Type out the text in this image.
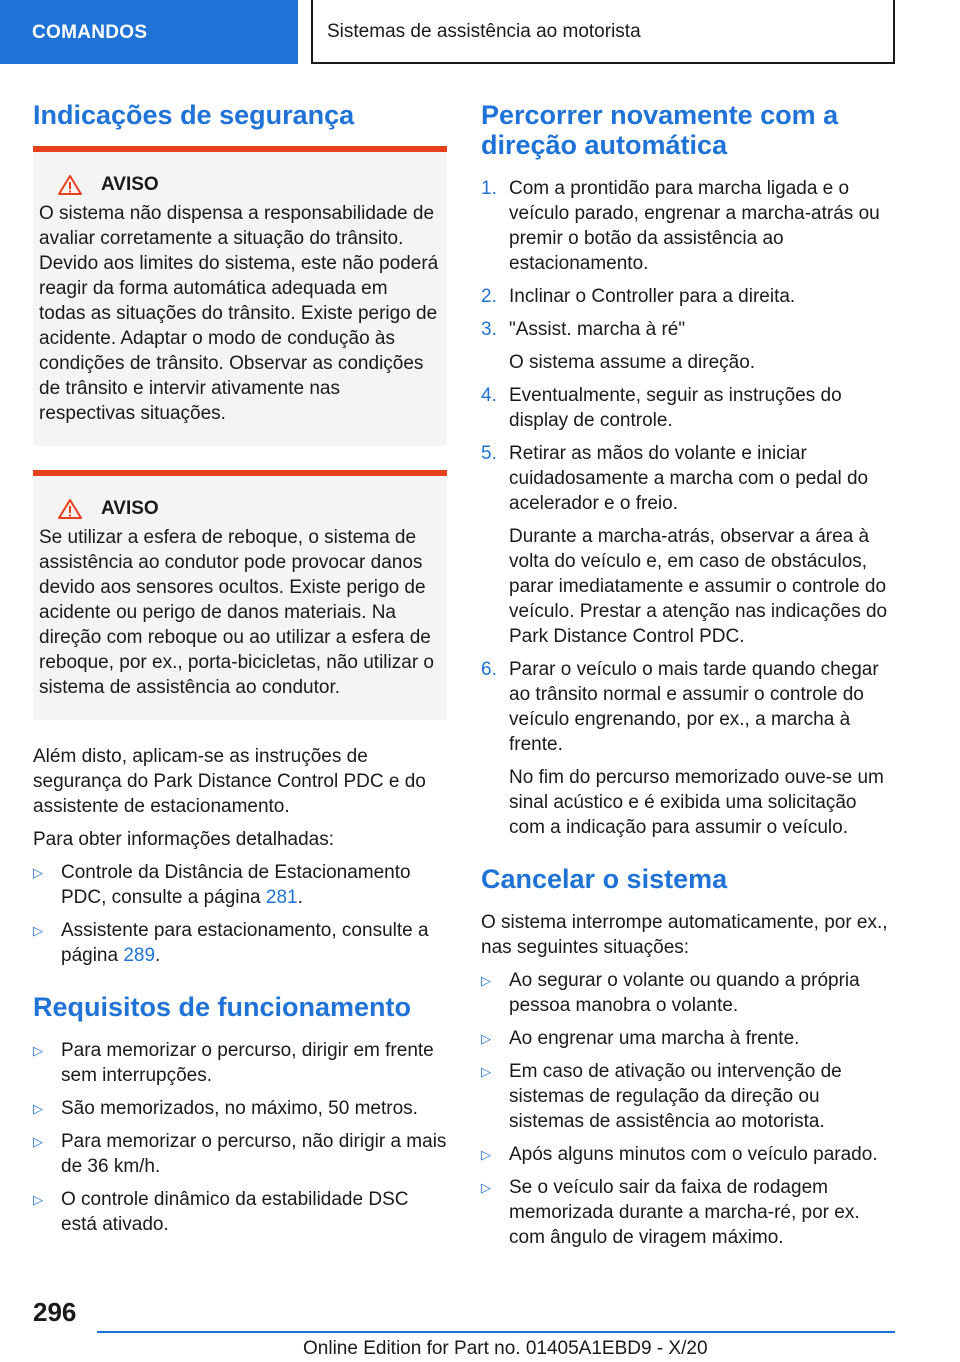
COMANDOS	Sistemas de assistência ao motorista
Indicações de segurança
AVISO
O sistema não dispensa a responsabilidade de avaliar corretamente a situação do trânsito. Devido aos limites do sistema, este não poderá reagir da forma automática adequada em todas as situações do trânsito. Existe perigo de acidente. Adaptar o modo de condução às condições de trânsito. Observar as condições de trânsito e intervir ativamente nas respectivas situações.
AVISO
Se utilizar a esfera de reboque, o sistema de assistência ao condutor pode provocar danos devido aos sensores ocultos. Existe perigo de acidente ou perigo de danos materiais. Na direção com reboque ou ao utilizar a esfera de reboque, por ex., porta-bicicletas, não utilizar o sistema de assistência ao condutor.

Além disto, aplicam-se as instruções de segurança do Park Distance Control PDC e do assistente de estacionamento.

Para obter informações detalhadas:

▷ Controle da Distância de Estacionamento PDC, consulte a página 281.
▷ Assistente para estacionamento, consulte a página 289.
Requisitos de funcionamento
▷ Para memorizar o percurso, dirigir em frente sem interrupções.
▷ São memorizados, no máximo, 50 metros.
▷ Para memorizar o percurso, não dirigir a mais de 36 km/h.
▷ O controle dinâmico da estabilidade DSC está ativado.
Percorrer novamente com a direção automática
1. Com a prontidão para marcha ligada e o veículo parado, engrenar a marcha-atrás ou premir o botão da assistência ao estacionamento.
2. Inclinar o Controller para a direita.
3. "Assist. marcha à ré"
O sistema assume a direção.
4. Eventualmente, seguir as instruções do display de controle.
5. Retirar as mãos do volante e iniciar cuidadosamente a marcha com o pedal do acelerador e o freio.
Durante a marcha-atrás, observar a área à volta do veículo e, em caso de obstáculos, parar imediatamente e assumir o controle do veículo. Prestar a atenção nas indicações do Park Distance Control PDC.
6. Parar o veículo o mais tarde quando chegar ao trânsito normal e assumir o controle do veículo engrenando, por ex., a marcha à frente.
No fim do percurso memorizado ouve-se um sinal acústico e é exibida uma solicitação com a indicação para assumir o veículo.
Cancelar o sistema

O sistema interrompe automaticamente, por ex., nas seguintes situações:

▷ Ao segurar o volante ou quando a própria pessoa manobra o volante.
▷ Ao engrenar uma marcha à frente.
▷ Em caso de ativação ou intervenção de sistemas de regulação da direção ou sistemas de assistência ao motorista.
▷ Após alguns minutos com o veículo parado.
▷ Se o veículo sair da faixa de rodagem memorizada durante a marcha-ré, por ex. com ângulo de viragem máximo.
296
Online Edition for Part no. 01405A1EBD9 - X/20
